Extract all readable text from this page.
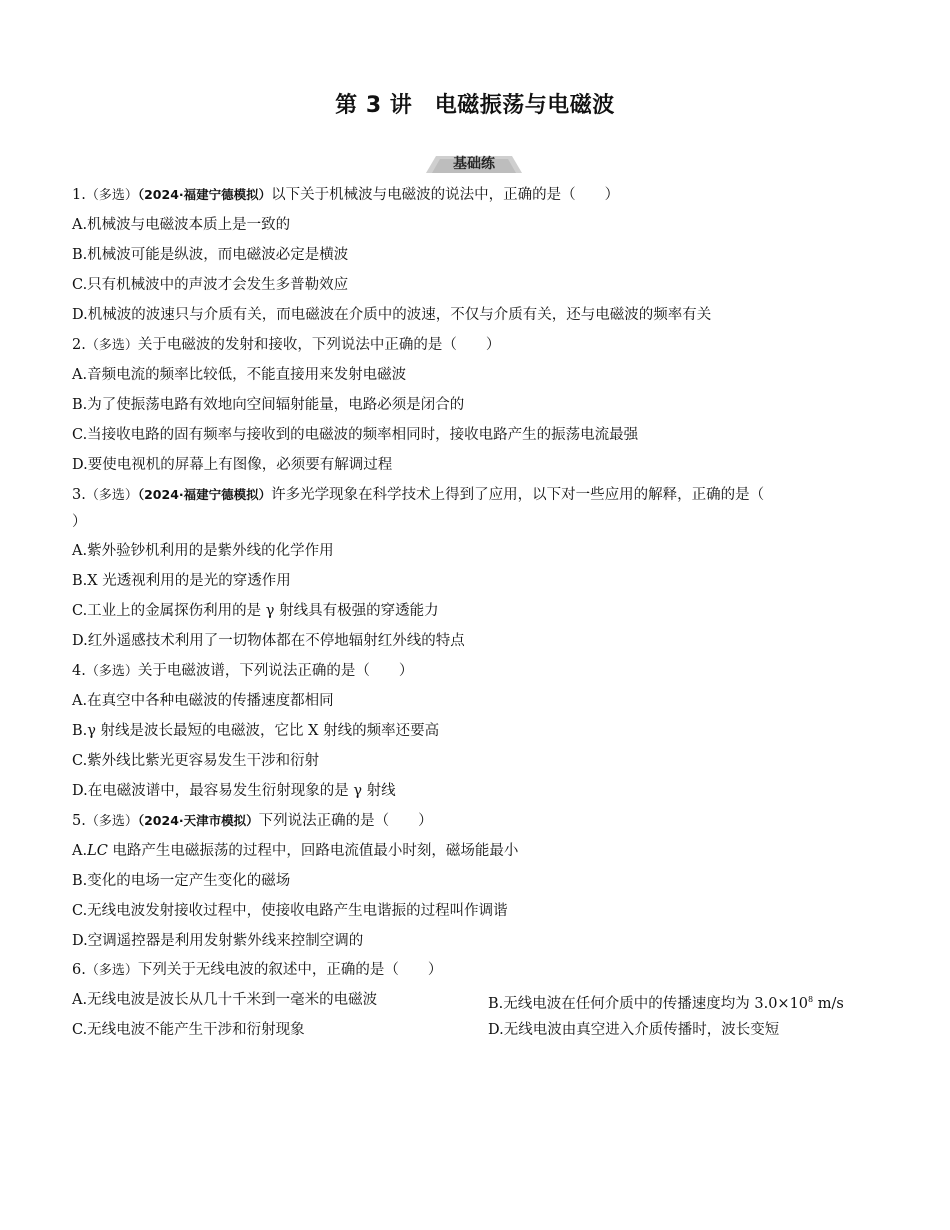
第 3 讲　电磁振荡与电磁波
基础练
1.（多选）（2024·福建宁德模拟）以下关于机械波与电磁波的说法中，正确的是（　　）
A.机械波与电磁波本质上是一致的
B.机械波可能是纵波，而电磁波必定是横波
C.只有机械波中的声波才会发生多普勒效应
D.机械波的波速只与介质有关，而电磁波在介质中的波速，不仅与介质有关，还与电磁波的频率有关
2.（多选）关于电磁波的发射和接收，下列说法中正确的是（　　）
A.音频电流的频率比较低，不能直接用来发射电磁波
B.为了使振荡电路有效地向空间辐射能量，电路必须是闭合的
C.当接收电路的固有频率与接收到的电磁波的频率相同时，接收电路产生的振荡电流最强
D.要使电视机的屏幕上有图像，必须要有解调过程
3.（多选）（2024·福建宁德模拟）许多光学现象在科学技术上得到了应用，以下对一些应用的解释，正确的是（
）
A.紫外验钞机利用的是紫外线的化学作用
B.X 光透视利用的是光的穿透作用
C.工业上的金属探伤利用的是 γ 射线具有极强的穿透能力
D.红外遥感技术利用了一切物体都在不停地辐射红外线的特点
4.（多选）关于电磁波谱，下列说法正确的是（　　）
A.在真空中各种电磁波的传播速度都相同
B.γ 射线是波长最短的电磁波，它比 X 射线的频率还要高
C.紫外线比紫光更容易发生干涉和衍射
D.在电磁波谱中，最容易发生衍射现象的是 γ 射线
5.（多选）（2024·天津市模拟）下列说法正确的是（　　）
A.LC 电路产生电磁振荡的过程中，回路电流值最小时刻，磁场能最小
B.变化的电场一定产生变化的磁场
C.无线电波发射接收过程中，使接收电路产生电谐振的过程叫作调谐
D.空调遥控器是利用发射紫外线来控制空调的
6.（多选）下列关于无线电波的叙述中，正确的是（　　）
A.无线电波是波长从几十千米到一毫米的电磁波	B.无线电波在任何介质中的传播速度均为 $3.0\times 10^8$ m/s
C.无线电波不能产生干涉和衍射现象	D.无线电波由真空进入介质传播时，波长变短
